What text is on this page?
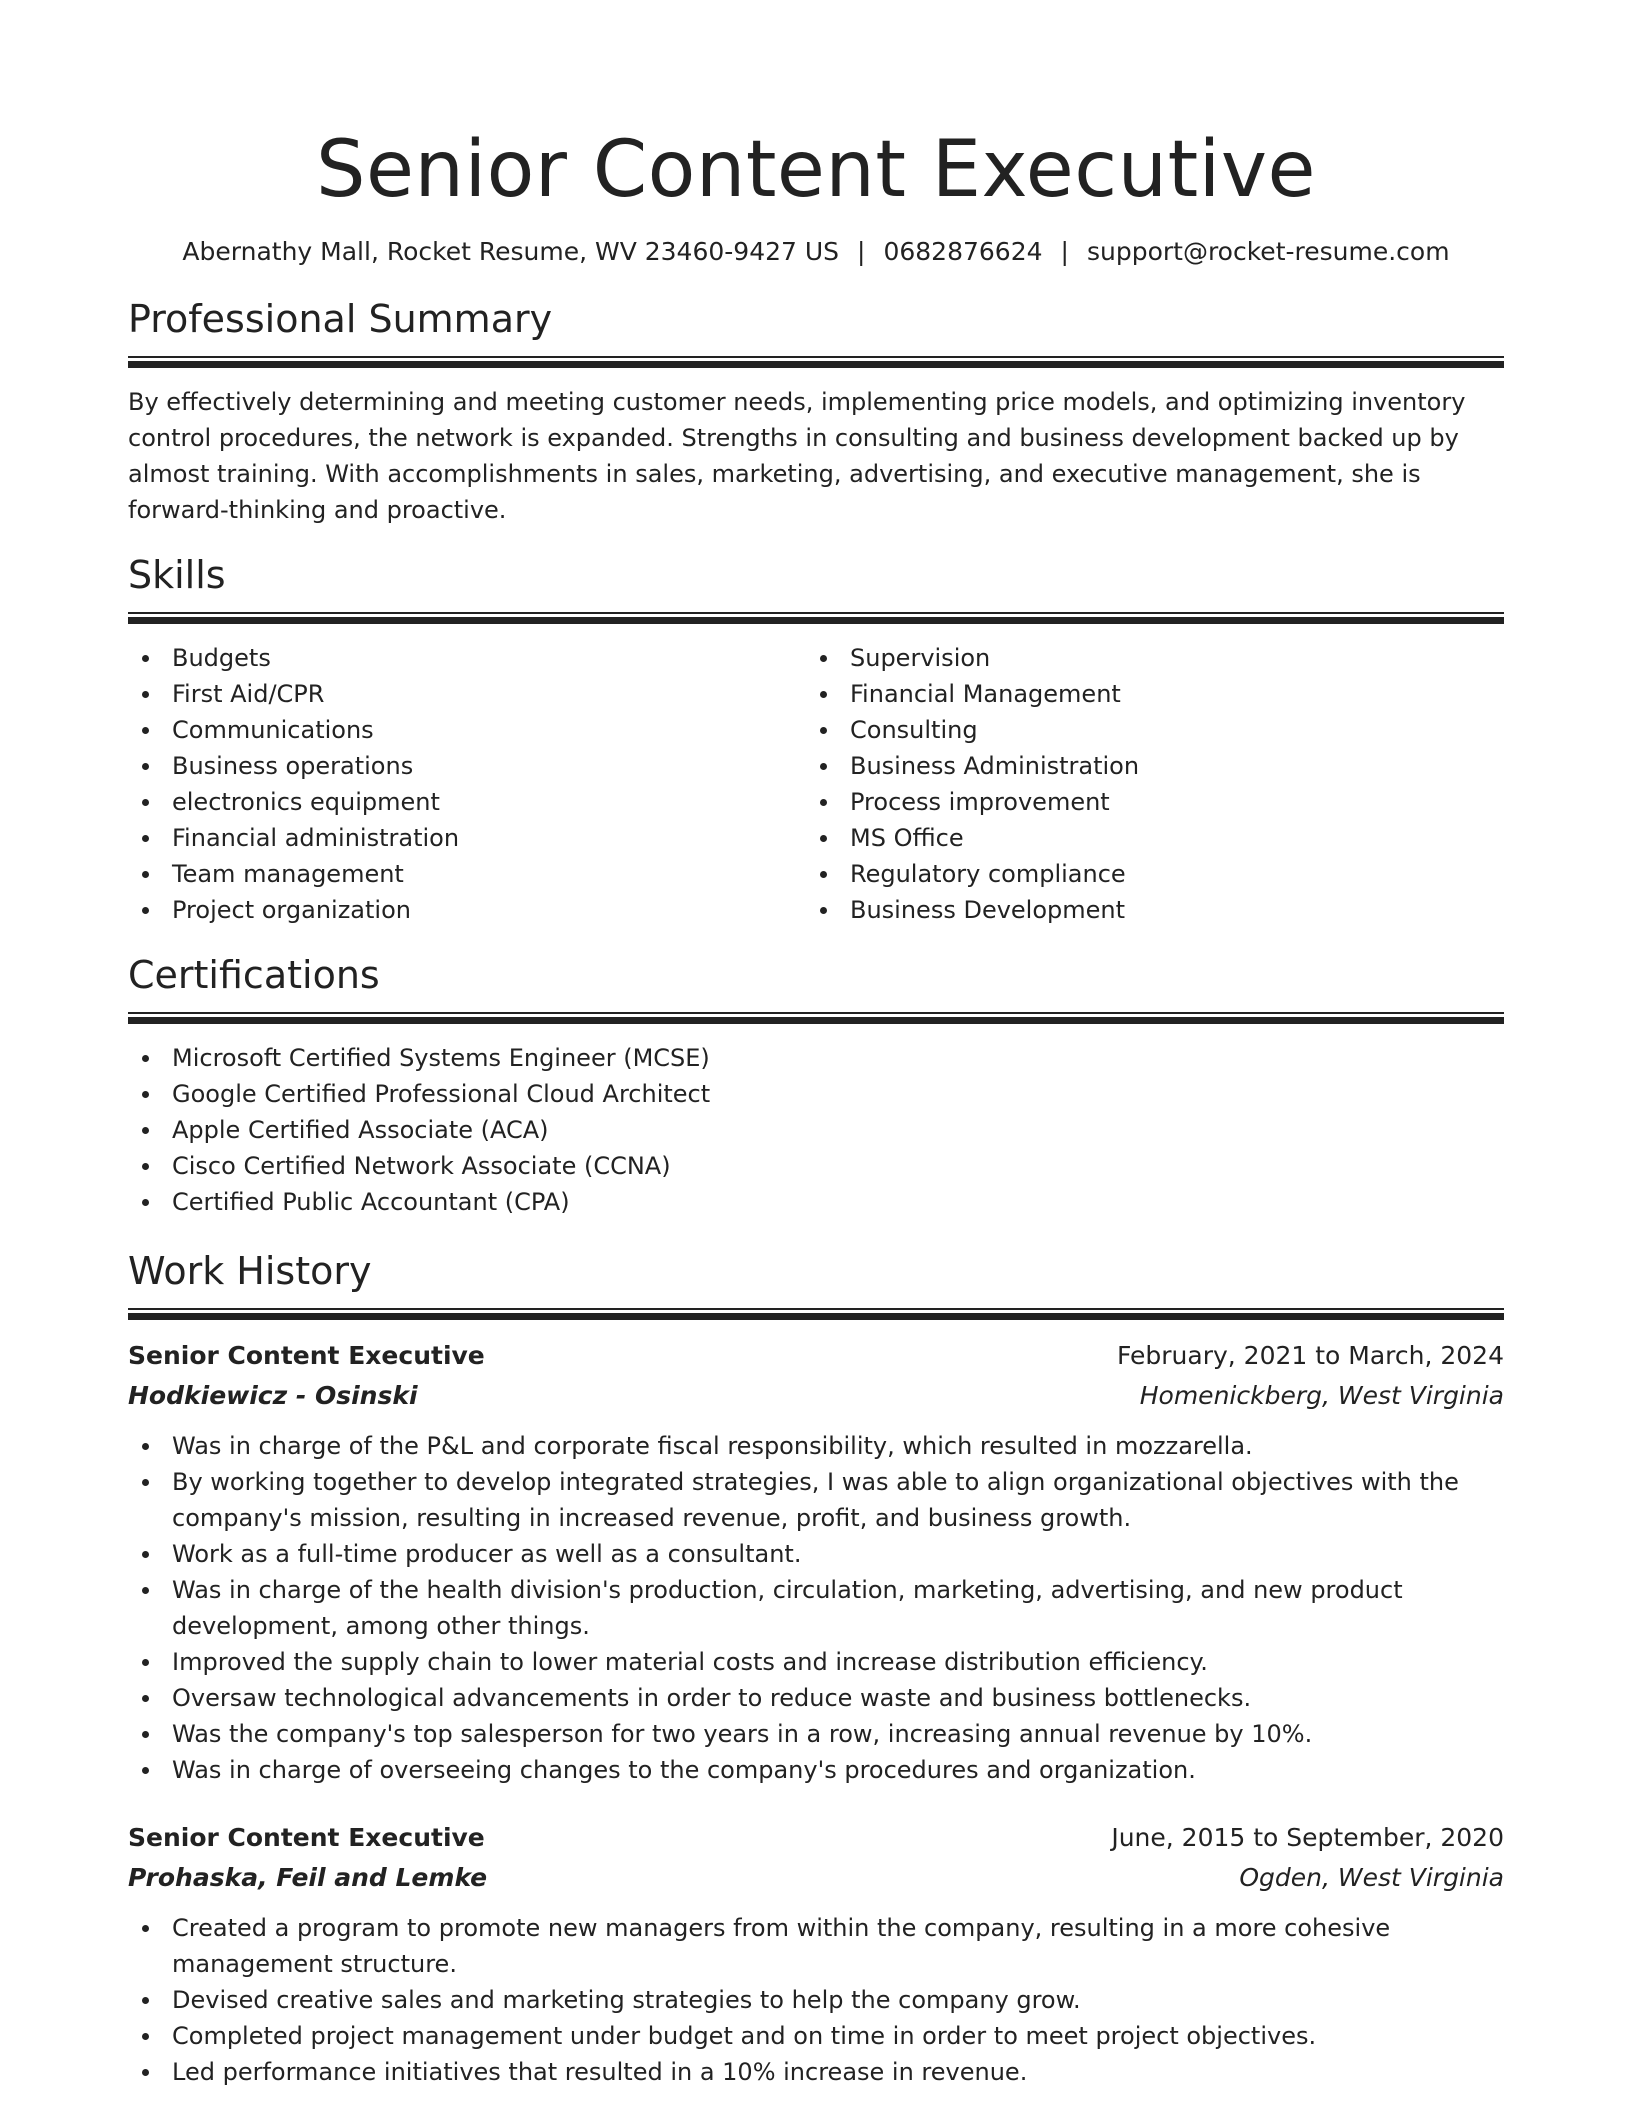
Senior Content Executive
Abernathy Mall, Rocket Resume, WV 23460-9427 US | 0682876624 | support@rocket-resume.com
Professional Summary

By effectively determining and meeting customer needs, implementing price models, and optimizing inventory control procedures, the network is expanded. Strengths in consulting and business development backed up by almost training. With accomplishments in sales, marketing, advertising, and executive management, she is forward-thinking and proactive.

Skills
Budgets
First Aid/CPR
Communications
Business operations
electronics equipment
Financial administration
Team management
Project organization
Supervision
Financial Management
Consulting
Business Administration
Process improvement
MS Office
Regulatory compliance
Business Development
Certifications
Microsoft Certified Systems Engineer (MCSE)
Google Certified Professional Cloud Architect
Apple Certified Associate (ACA)
Cisco Certified Network Associate (CCNA)
Certified Public Accountant (CPA)
Work History
Senior Content Executive	February, 2021 to March, 2024
Hodkiewicz - Osinski	Homenickberg, West Virginia
Was in charge of the P&L and corporate fiscal responsibility, which resulted in mozzarella.
By working together to develop integrated strategies, I was able to align organizational objectives with the company's mission, resulting in increased revenue, profit, and business growth.
Work as a full-time producer as well as a consultant.
Was in charge of the health division's production, circulation, marketing, advertising, and new product development, among other things.
Improved the supply chain to lower material costs and increase distribution efficiency.
Oversaw technological advancements in order to reduce waste and business bottlenecks.
Was the company's top salesperson for two years in a row, increasing annual revenue by 10%.
Was in charge of overseeing changes to the company's procedures and organization.
Senior Content Executive	June, 2015 to September, 2020
Prohaska, Feil and Lemke	Ogden, West Virginia
Created a program to promote new managers from within the company, resulting in a more cohesive management structure.
Devised creative sales and marketing strategies to help the company grow.
Completed project management under budget and on time in order to meet project objectives.
Led performance initiatives that resulted in a 10% increase in revenue.
